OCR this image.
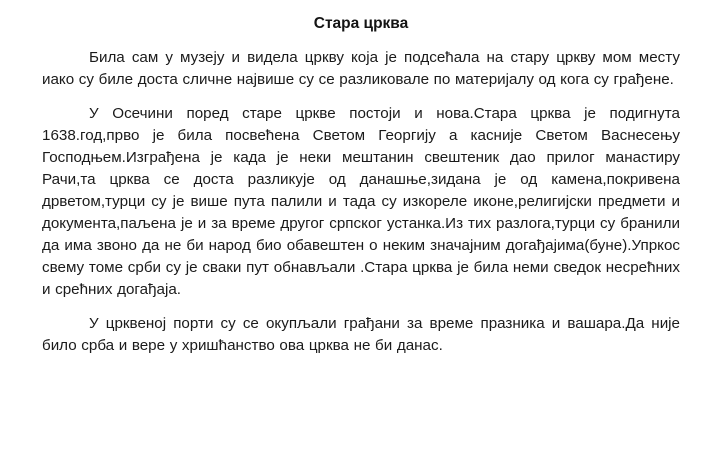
Стара црква

Била сам у музеју и видела цркву која је подсећала на стару цркву мом месту иако су биле доста сличне највише су се разликовале по материјалу од кога су грађене.

У Осечини поред старе цркве постоји и нова.Стара црква је подигнута 1638.год,прво је била посвећена Светом Георгију а касније Светом Васнесењу Господњем.Изграђена је када је неки мештанин свештеник дао прилог манастиру Рачи,та црква се доста разликује од данашње,зидана је од камена,покривена дрветом,турци су је више пута палили и тада су изкореле иконе,религијски предмети и документа,паљена је и за време другог српског устанка.Из тих разлога,турци су бранили да има звоно да не би народ био обавештен о неким значајним догађајима(буне).Упркос свему томе срби су је сваки пут обнављали .Стара црква је била неми сведок несрећних и срећних догађаја.

У црквеној порти су се окупљали грађани за време празника и вашара.Да није било срба и вере у хришћанство ова црква не би данас.
